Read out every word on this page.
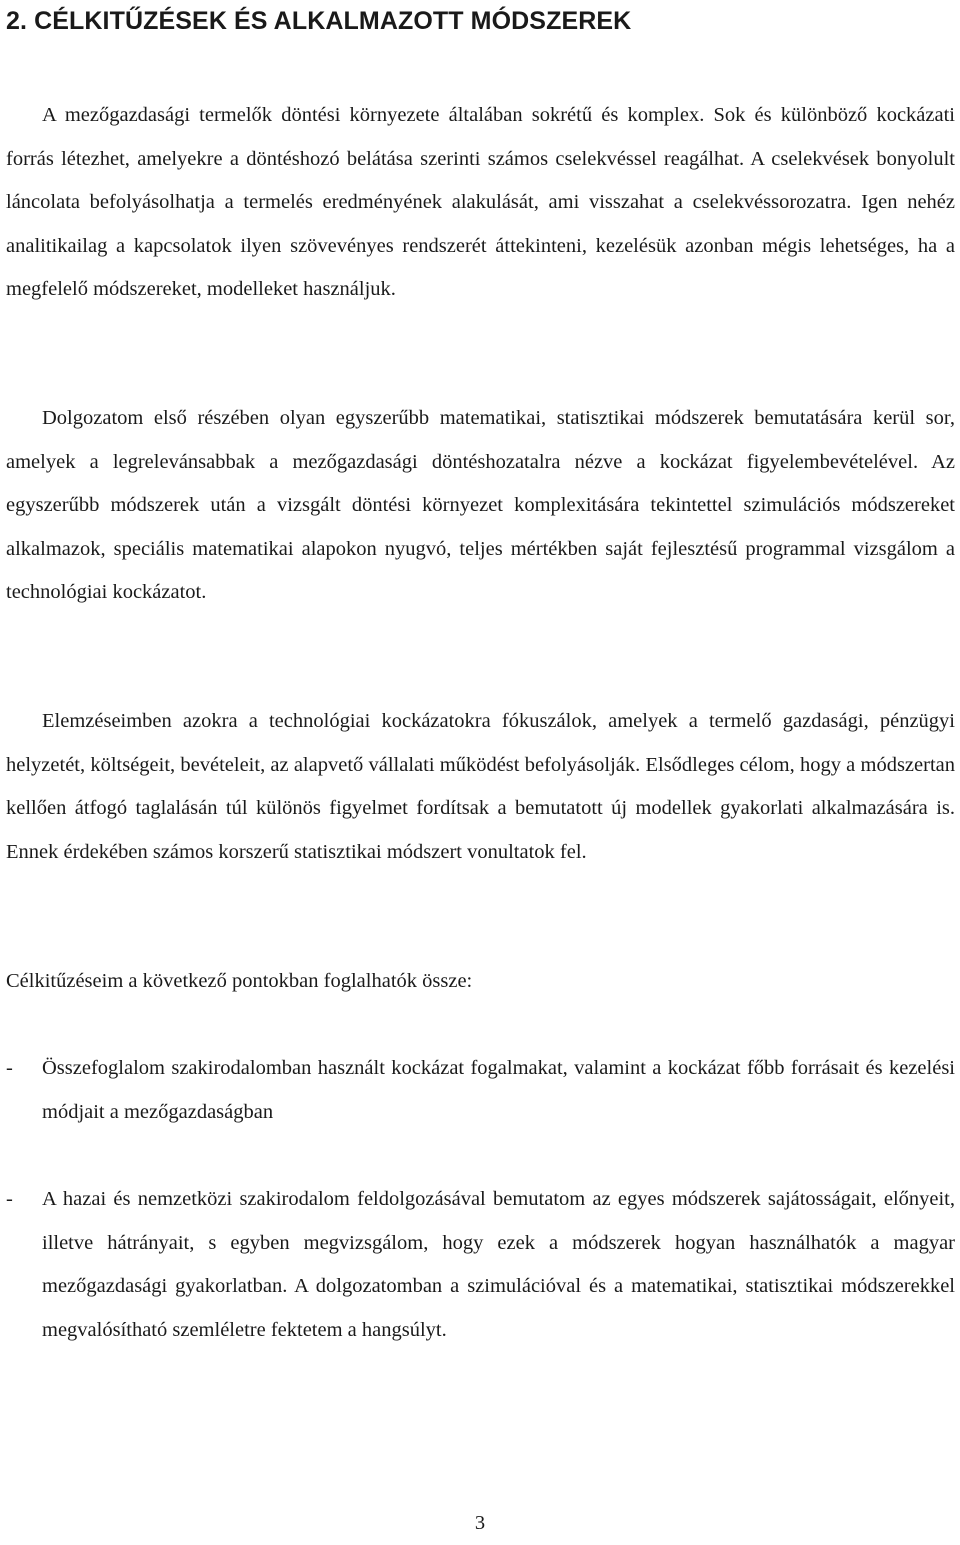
2. CÉLKITŰZÉSEK ÉS ALKALMAZOTT MÓDSZEREK

A mezőgazdasági termelők döntési környezete általában sokrétű és komplex. Sok és különböző kockázati forrás létezhet, amelyekre a döntéshozó belátása szerinti számos cselekvéssel reagálhat. A cselekvések bonyolult láncolata befolyásolhatja a termelés eredményének alakulását, ami visszahat a cselekvéssorozatra. Igen nehéz analitikailag a kapcsolatok ilyen szövevényes rendszerét áttekinteni, kezelésük azonban mégis lehetséges, ha a megfelelő módszereket, modelleket használjuk.

Dolgozatom első részében olyan egyszerűbb matematikai, statisztikai módszerek bemutatására kerül sor, amelyek a legrelevánsabbak a mezőgazdasági döntéshozatalra nézve a kockázat figyelembevételével. Az egyszerűbb módszerek után a vizsgált döntési környezet komplexitására tekintettel szimulációs módszereket alkalmazok, speciális matematikai alapokon nyugvó, teljes mértékben saját fejlesztésű programmal vizsgálom a technológiai kockázatot.

Elemzéseimben azokra a technológiai kockázatokra fókuszálok, amelyek a termelő gazdasági, pénzügyi helyzetét, költségeit, bevételeit, az alapvető vállalati működést befolyásolják. Elsődleges célom, hogy a módszertan kellően átfogó taglalásán túl különös figyelmet fordítsak a bemutatott új modellek gyakorlati alkalmazására is. Ennek érdekében számos korszerű statisztikai módszert vonultatok fel.

Célkitűzéseim a következő pontokban foglalhatók össze:

- Összefoglalom szakirodalomban használt kockázat fogalmakat, valamint a kockázat főbb forrásait és kezelési módjait a mezőgazdaságban

- A hazai és nemzetközi szakirodalom feldolgozásával bemutatom az egyes módszerek sajátosságait, előnyeit, illetve hátrányait, s egyben megvizsgálom, hogy ezek a módszerek hogyan használhatók a magyar mezőgazdasági gyakorlatban. A dolgozatomban a szimulációval és a matematikai, statisztikai módszerekkel megvalósítható szemléletre fektetem a hangsúlyt.

3
